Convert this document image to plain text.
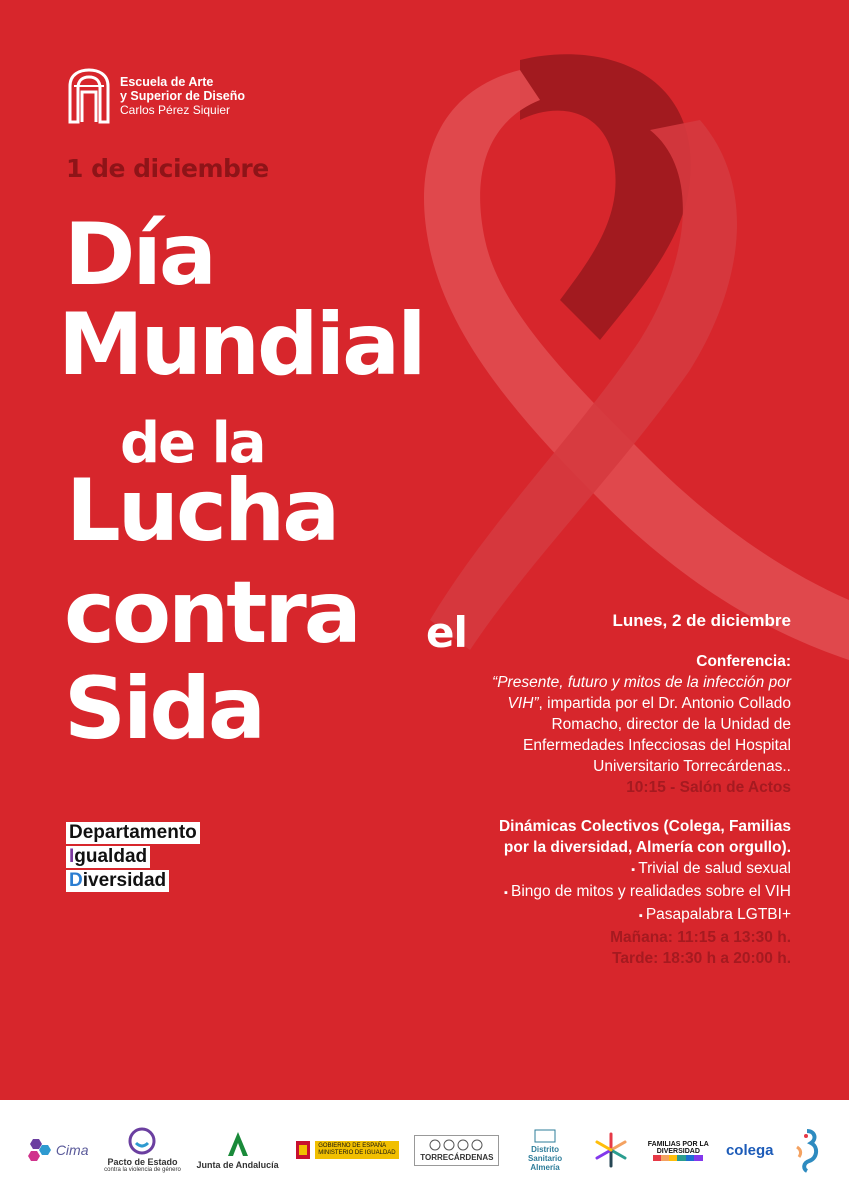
Escuela de Arte
y Superior de Diseño
Carlos Pérez Siquier
1 de diciembre
Día
Mundial
de la
Lucha
contra el
Sida
Departamento
Igualdad
Diversidad
Lunes, 2 de diciembre
Conferencia:
“Presente, futuro y mitos de la infección por VIH”, impartida por el Dr. Antonio Collado Romacho, director de la Unidad de Enfermedades Infecciosas del Hospital Universitario Torrecárdenas..
10:15 - Salón de Actos
Dinámicas Colectivos (Colega, Familias por la diversidad, Almería con orgullo).
▪ Trivial de salud sexual
▪ Bingo de mitos y realidades sobre el VIH
▪ Pasapalabra LGTBI+
Mañana: 11:15 a 13:30 h.
Tarde: 18:30 h a 20:00 h.
Cima
Pacto de Estado
contra la violencia de género Junta de Andalucía
GOBIERNO DE ESPAÑA
MINISTERIO DE IGUALDAD	TORRECÁRDENAS
Distrito Sanitario Almería
FAMILIAS POR LA DIVERSIDAD	colega
